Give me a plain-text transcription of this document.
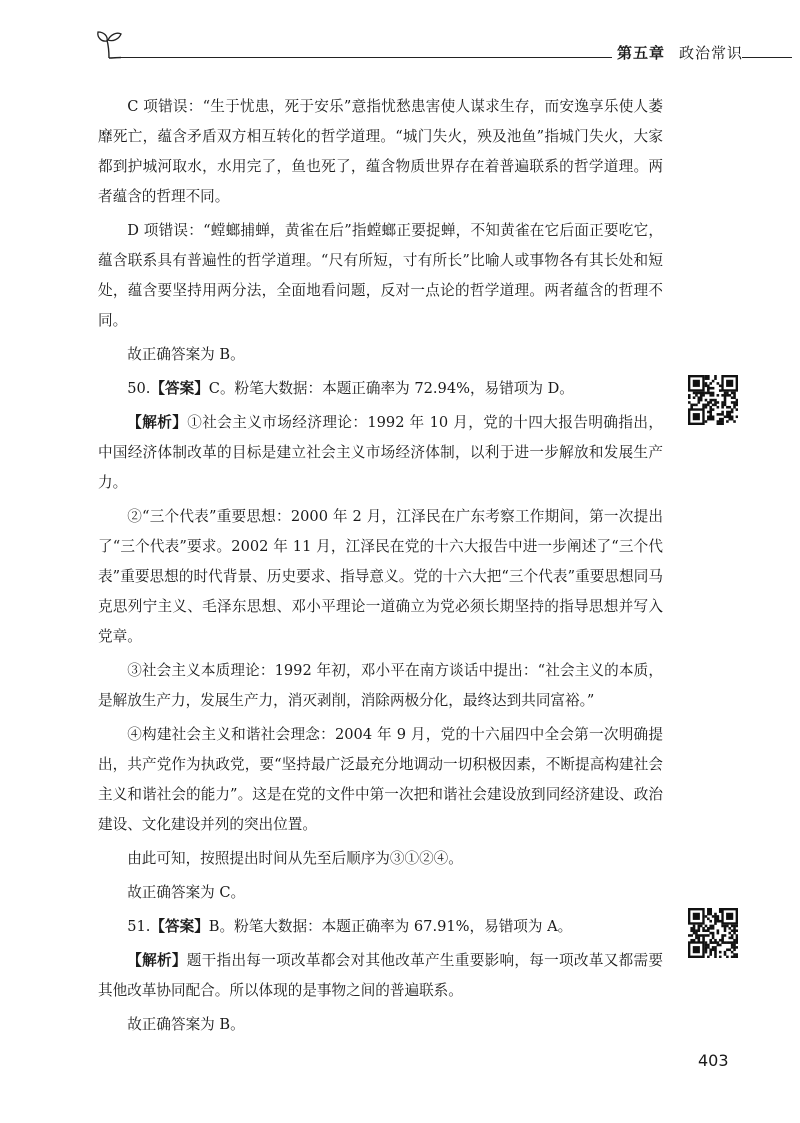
第五章 政治常识

C 项错误：“生于忧患，死于安乐”意指忧愁患害使人谋求生存，而安逸享乐使人萎靡死亡，蕴含矛盾双方相互转化的哲学道理。“城门失火，殃及池鱼”指城门失火，大家都到护城河取水，水用完了，鱼也死了，蕴含物质世界存在着普遍联系的哲学道理。两者蕴含的哲理不同。

D 项错误：“螳螂捕蝉，黄雀在后”指螳螂正要捉蝉，不知黄雀在它后面正要吃它，蕴含联系具有普遍性的哲学道理。“尺有所短，寸有所长”比喻人或事物各有其长处和短处，蕴含要坚持用两分法，全面地看问题，反对一点论的哲学道理。两者蕴含的哲理不同。

故正确答案为 B。

50.【答案】C。粉笔大数据：本题正确率为 72.94%，易错项为 D。

【解析】①社会主义市场经济理论：1992 年 10 月，党的十四大报告明确指出，中国经济体制改革的目标是建立社会主义市场经济体制，以利于进一步解放和发展生产力。

②“三个代表”重要思想：2000 年 2 月，江泽民在广东考察工作期间，第一次提出了“三个代表”要求。2002 年 11 月，江泽民在党的十六大报告中进一步阐述了“三个代表”重要思想的时代背景、历史要求、指导意义。党的十六大把“三个代表”重要思想同马克思列宁主义、毛泽东思想、邓小平理论一道确立为党必须长期坚持的指导思想并写入党章。

③社会主义本质理论：1992 年初，邓小平在南方谈话中提出：“社会主义的本质，是解放生产力，发展生产力，消灭剥削，消除两极分化，最终达到共同富裕。”

④构建社会主义和谐社会理念：2004 年 9 月，党的十六届四中全会第一次明确提出，共产党作为执政党，要“坚持最广泛最充分地调动一切积极因素，不断提高构建社会主义和谐社会的能力”。这是在党的文件中第一次把和谐社会建设放到同经济建设、政治建设、文化建设并列的突出位置。

由此可知，按照提出时间从先至后顺序为③①②④。

故正确答案为 C。

51.【答案】B。粉笔大数据：本题正确率为 67.91%，易错项为 A。

【解析】题干指出每一项改革都会对其他改革产生重要影响，每一项改革又都需要其他改革协同配合。所以体现的是事物之间的普遍联系。

故正确答案为 B。

403
